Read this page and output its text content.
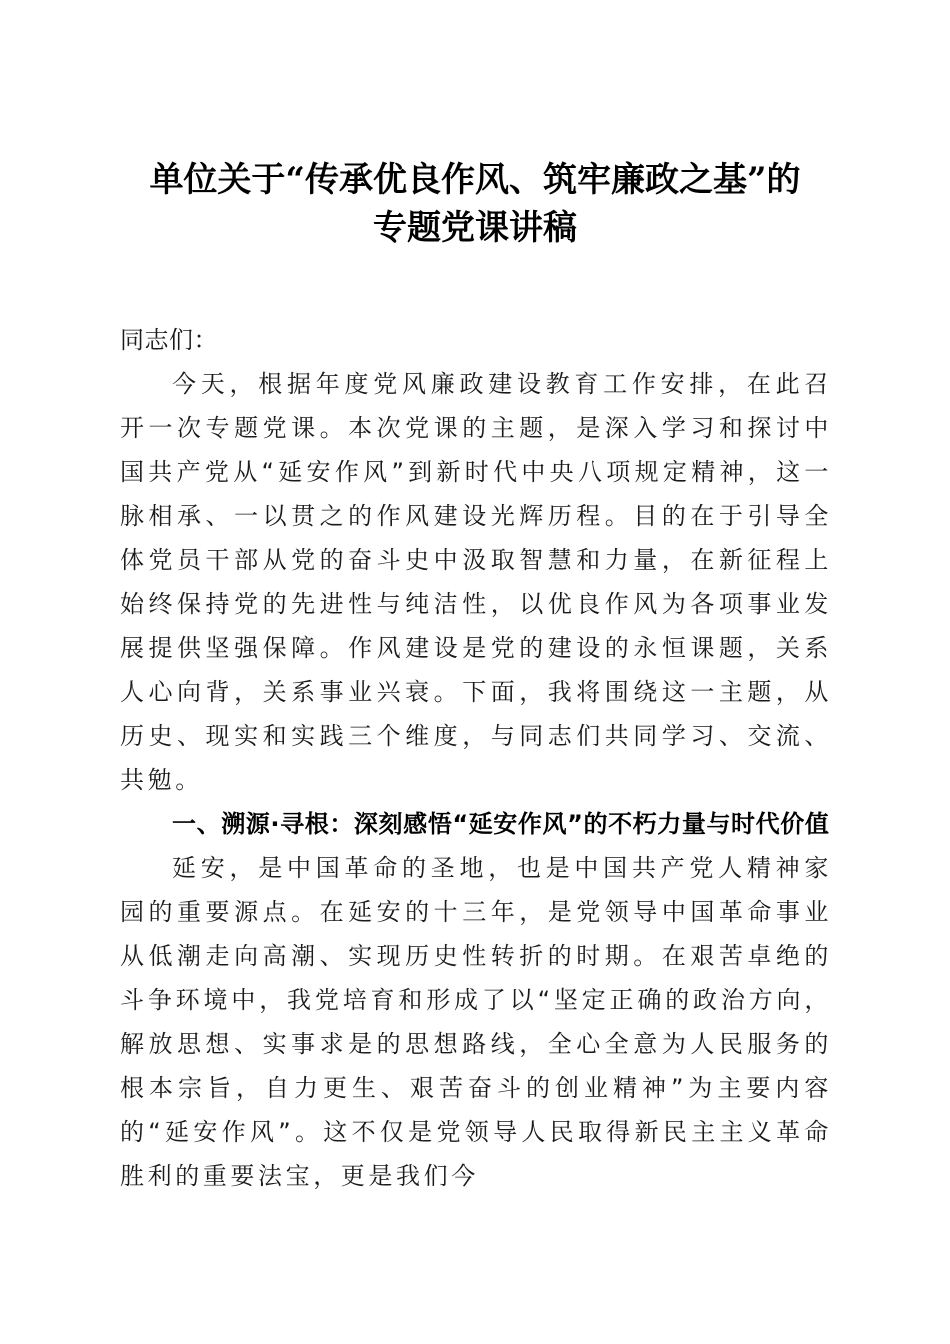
单位关于“传承优良作风、筑牢廉政之基”的
专题党课讲稿

同志们：

今天，根据年度党风廉政建设教育工作安排，在此召开一次专题党课。本次党课的主题，是深入学习和探讨中国共产党从“延安作风”到新时代中央八项规定精神，这一脉相承、一以贯之的作风建设光辉历程。目的在于引导全体党员干部从党的奋斗史中汲取智慧和力量，在新征程上始终保持党的先进性与纯洁性，以优良作风为各项事业发展提供坚强保障。作风建设是党的建设的永恒课题，关系人心向背，关系事业兴衰。下面，我将围绕这一主题，从历史、现实和实践三个维度，与同志们共同学习、交流、共勉。

一、溯源·寻根：深刻感悟“延安作风”的不朽力量与时代价值

延安，是中国革命的圣地，也是中国共产党人精神家园的重要源点。在延安的十三年，是党领导中国革命事业从低潮走向高潮、实现历史性转折的时期。在艰苦卓绝的斗争环境中，我党培育和形成了以“坚定正确的政治方向，解放思想、实事求是的思想路线，全心全意为人民服务的根本宗旨，自力更生、艰苦奋斗的创业精神”为主要内容的“延安作风”。这不仅是党领导人民取得新民主主义革命胜利的重要法宝，更是我们今
